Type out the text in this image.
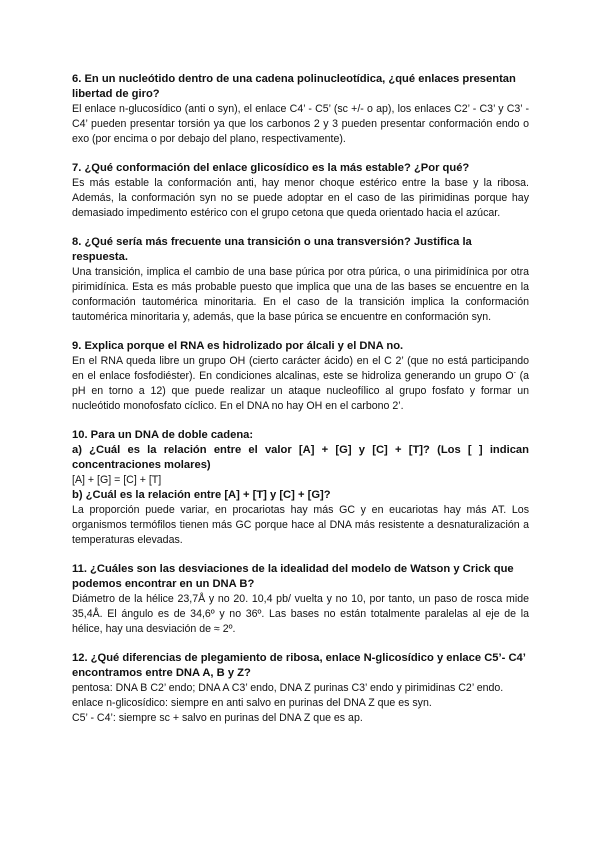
6. En un nucleótido dentro de una cadena polinucleotídica, ¿qué enlaces presentan libertad de giro?

El enlace n-glucosídico (anti o syn), el enlace C4’ - C5’ (sc +/- o ap), los enlaces C2’ - C3’ y C3’ - C4’ pueden presentar torsión ya que los carbonos 2 y 3 pueden presentar conformación endo o exo (por encima o por debajo del plano, respectivamente).

7. ¿Qué conformación del enlace glicosídico es la más estable? ¿Por qué?

Es más estable la conformación anti, hay menor choque estérico entre la base y la ribosa. Además, la conformación syn no se puede adoptar en el caso de las pirimidinas porque hay demasiado impedimento estérico con el grupo cetona que queda orientado hacia el azúcar.

8. ¿Qué sería más frecuente una transición o una transversión? Justifica la respuesta.

Una transición, implica el cambio de una base púrica por otra púrica, o una pirimidínica por otra pirimidínica. Esta es más probable puesto que implica que una de las bases se encuentre en la conformación tautomérica minoritaria. En el caso de la transición implica la conformación tautomérica minoritaria y, además, que la base púrica se encuentre en conformación syn.

9. Explica porque el RNA es hidrolizado por álcali y el DNA no.

En el RNA queda libre un grupo OH (cierto carácter ácido) en el C 2’ (que no está participando en el enlace fosfodiéster). En condiciones alcalinas, este se hidroliza generando un grupo O- (a pH en torno a 12) que puede realizar un ataque nucleofílico al grupo fosfato y formar un nucleótido monofosfato cíclico. En el DNA no hay OH en el carbono 2’.

10. Para un DNA de doble cadena:

a) ¿Cuál es la relación entre el valor [A] + [G] y [C] + [T]? (Los [ ] indican concentraciones molares)

[A] + [G] = [C] + [T]

b) ¿Cuál es la relación entre [A] + [T] y [C] + [G]?

La proporción puede variar, en procariotas hay más GC y en eucariotas hay más AT. Los organismos termófilos tienen más GC porque hace al DNA más resistente a desnaturalización a temperaturas elevadas.

11. ¿Cuáles son las desviaciones de la idealidad del modelo de Watson y Crick que podemos encontrar en un DNA B?

Diámetro de la hélice 23,7Å y no 20. 10,4 pb/ vuelta y no 10, por tanto, un paso de rosca mide 35,4Å. El ángulo es de 34,6º y no 36º. Las bases no están totalmente paralelas al eje de la hélice, hay una desviación de ≈ 2º.

12. ¿Qué diferencias de plegamiento de ribosa, enlace N-glicosídico y enlace C5’- C4’ encontramos entre DNA A, B y Z?

pentosa: DNA B C2’ endo; DNA A C3’ endo, DNA Z purinas C3’ endo y pirimidinas C2’ endo.

enlace n-glicosídico: siempre en anti salvo en purinas del DNA Z que es syn.

C5’ - C4’: siempre sc + salvo en purinas del DNA Z que es ap.
